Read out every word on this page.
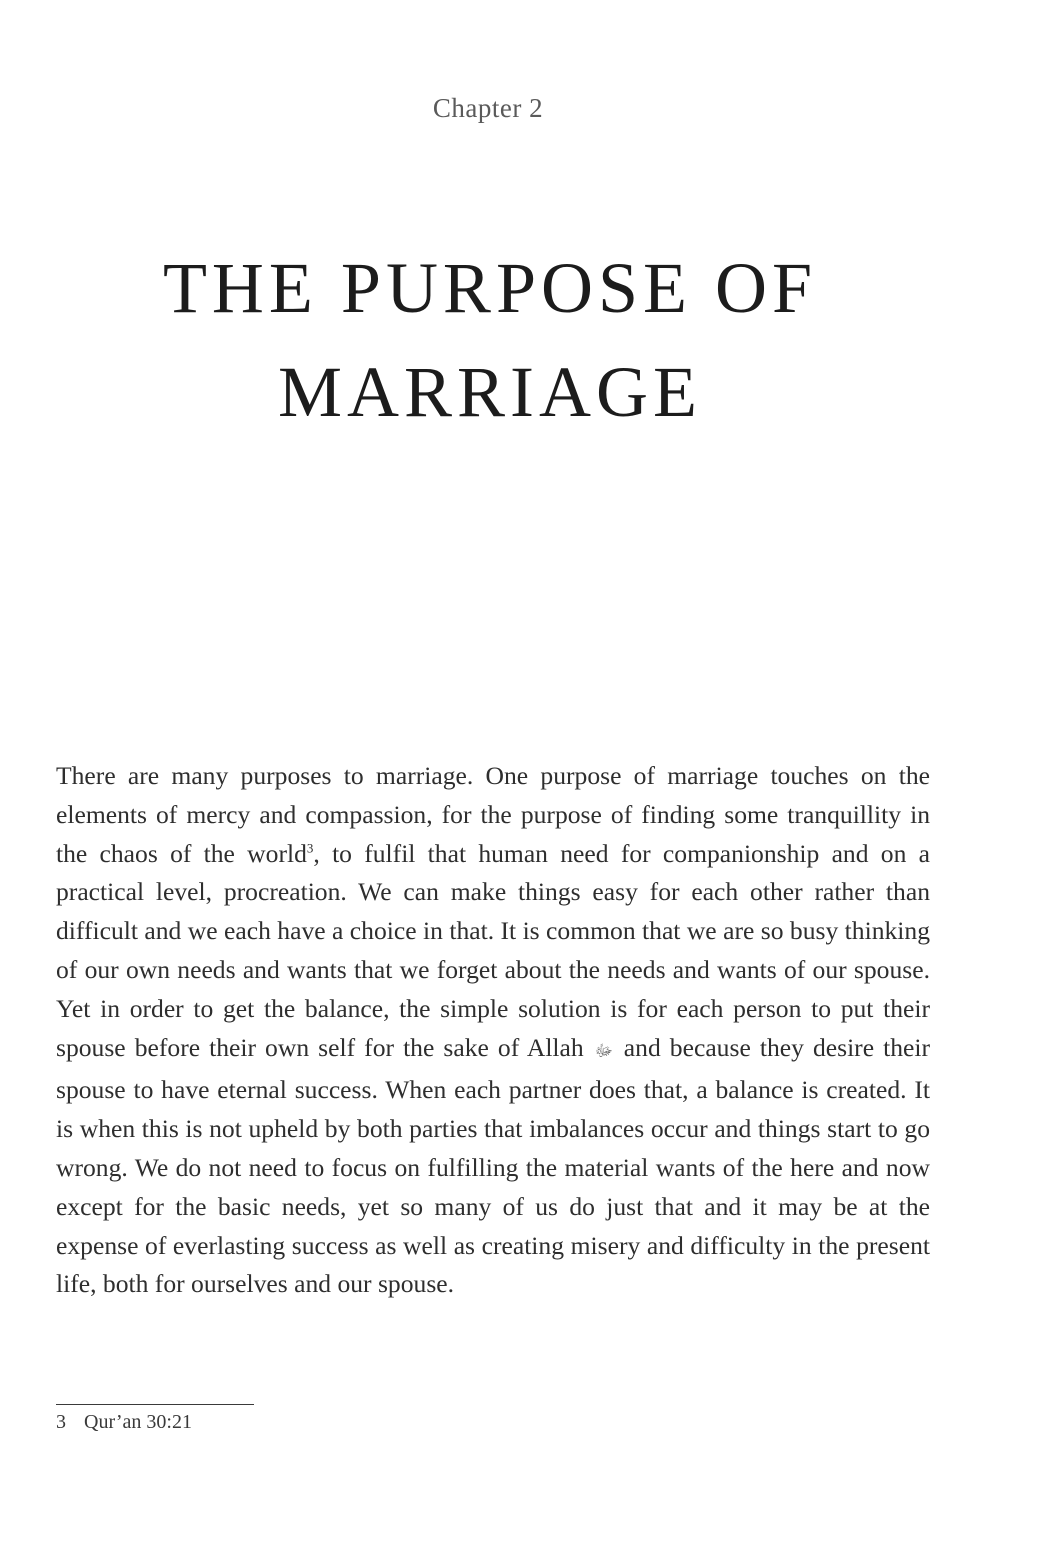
Chapter 2
THE PURPOSE OF
MARRIAGE

There are many purposes to marriage. One purpose of marriage touches on the elements of mercy and compassion, for the purpose of finding some tranquillity in the chaos of the world$^3$, to fulfil that human need for companionship and on a practical level, procreation. We can make things easy for each other rather than difficult and we each have a choice in that. It is common that we are so busy thinking of our own needs and wants that we forget about the needs and wants of our spouse. Yet in order to get the balance, the simple solution is for each person to put their spouse before their own self for the sake of Allah ﷻ and because they desire their spouse to have eternal success. When each partner does that, a balance is created. It is when this is not upheld by both parties that imbalances occur and things start to go wrong. We do not need to focus on fulfilling the material wants of the here and now except for the basic needs, yet so many of us do just that and it may be at the expense of everlasting success as well as creating misery and difficulty in the present life, both for ourselves and our spouse.

3 Qur’an 30:21
